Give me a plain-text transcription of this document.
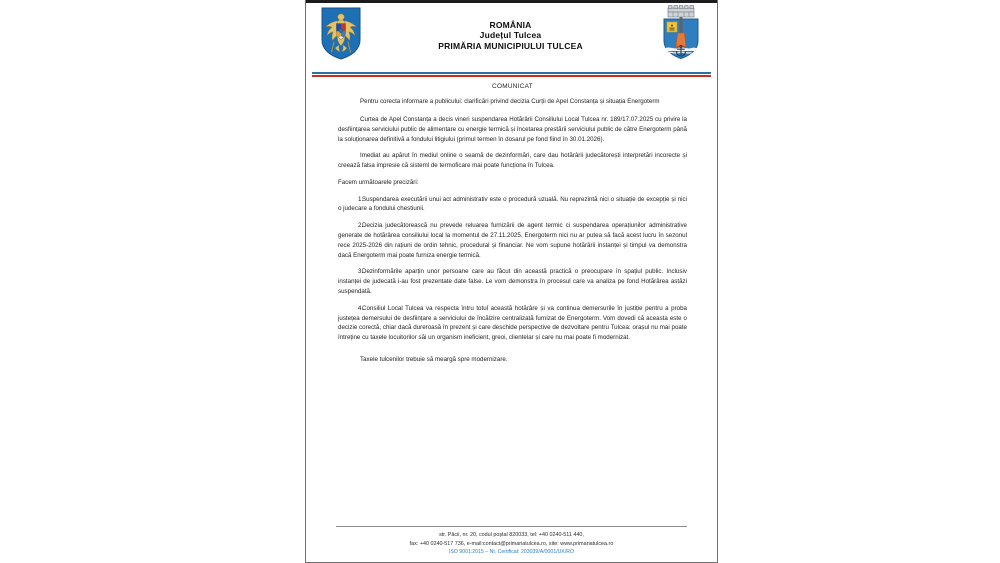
ROMÂNIA
Județul Tulcea
PRIMĂRIA MUNICIPIULUI TULCEA
COMUNICAT
Pentru corecta informare a publicului: clarificări privind decizia Curții de Apel Constanța și situația Energoterm

Curtea de Apel Constanța a decis vineri suspendarea Hotărârii Consiliului Local Tulcea nr. 189/17.07.2025 cu privire la desființarea serviciului public de alimentare cu energie termică și încetarea prestării serviciului public de către Energoterm până la soluționarea definitivă a fondului litigiului (primul termen în dosarul pe fond fiind în 30.01.2026).

Imediat au apărut în mediul online o seamă de dezinformări, care dau hotărârii judecătorești interpretări incorecte și creează falsa impresie că sisteml de termoficare mai poate funcționa în Tulcea.

Facem următoarele precizări:

1.Suspendarea executării unui act administrativ este o procedură uzuală. Nu reprezintă nici o situație de excepție și nici o judecare a fondului chestiunii.

2.Decizia judecătorească nu prevede reluarea furnizării de agent termic ci suspendarea operațiunilor administrative generate de hotărârea consiliului local la momentul de 27.11.2025. Energoterm nici nu ar putea să facă acest lucru în sezonul rece 2025-2026 din rațiuni de ordin tehnic, procedural și financiar. Ne vom supune hotărârii instanței și timpul va demonstra dacă Energoterm mai poate furniza energie termică.

3.Dezinformările aparțin unor persoane care au făcut din această practică o preocupare în spațiul public. Inclusiv instanței de judecată i-au fost prezentate date false. Le vom demonstra în procesul care va analiza pe fond Hotărârea astăzi suspendată.

4.Consiliul Local Tulcea va respecta întru totul această hotărâre și va continua demersurile în justiție pentru a proba justețea demersului de desființare a serviciului de încălzire centralizată furnizat de Energoterm. Vom dovedi că aceasta este o decizie corectă, chiar dacă dureroasă în prezent și care deschide perspective de dezvoltare pentru Tulcea: orașul nu mai poate întreține cu taxele locuitorilor săi un organism ineficient, greoi, clientelar și care nu mai poate fi modernizat.

Taxele tulcenilor trebuie să meargă spre modernizare.

str. Păcii, nr. 20, codul poștal 820033, tel: +40 0240-511 440,
fax: +40 0240-517 736, e-mail:contact@primariatulcea.ro, site: www.primariatulcea.ro
ISO 9001:2015 – Nr. Certificat: 203039/A/0001/UK/RO
